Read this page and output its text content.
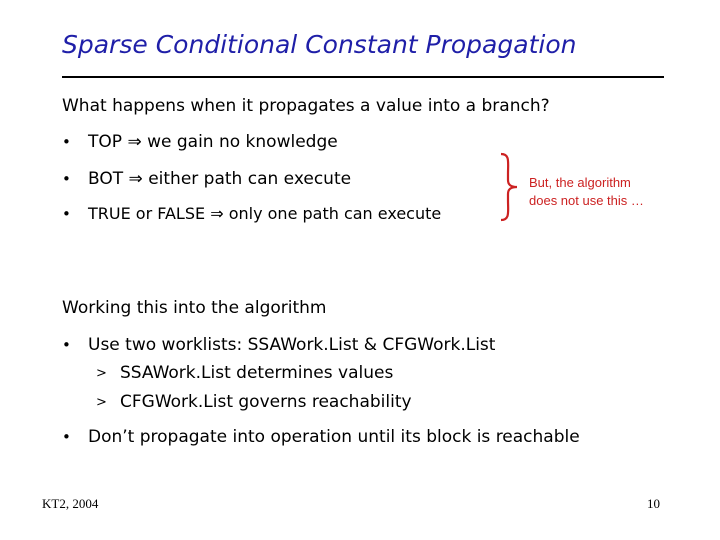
Sparse Conditional Constant Propagation
What happens when it propagates a value into a branch?
• TOP ⇒ we gain no knowledge
• BOT ⇒ either path can execute
• TRUE or FALSE ⇒ only one path can execute
But, the algorithm
does not use this …
Working this into the algorithm
• Use two worklists: SSAWork.List & CFGWork.List
> SSAWork.List determines values
> CFGWork.List governs reachability
• Don’t propagate into operation until its block is reachable
KT2, 2004	10
